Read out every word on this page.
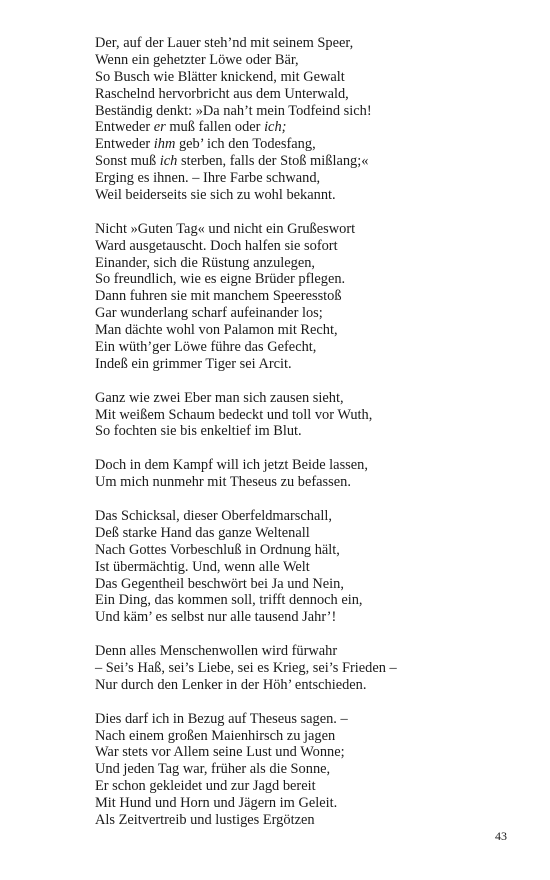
Der, auf der Lauer steh’nd mit seinem Speer,
Wenn ein gehetzter Löwe oder Bär,
So Busch wie Blätter knickend, mit Gewalt
Raschelnd hervorbricht aus dem Unterwald,
Beständig denkt: »Da nah’t mein Todfeind sich!
Entweder er muß fallen oder ich;
Entweder ihm geb’ ich den Todesfang,
Sonst muß ich sterben, falls der Stoß mißlang;«
Erging es ihnen. – Ihre Farbe schwand,
Weil beiderseits sie sich zu wohl bekannt.
Nicht »Guten Tag« und nicht ein Grußeswort
Ward ausgetauscht. Doch halfen sie sofort
Einander, sich die Rüstung anzulegen,
So freundlich, wie es eigne Brüder pflegen.
Dann fuhren sie mit manchem Speeresstoß
Gar wunderlang scharf aufeinander los;
Man dächte wohl von Palamon mit Recht,
Ein wüth’ger Löwe führe das Gefecht,
Indeß ein grimmer Tiger sei Arcit.
Ganz wie zwei Eber man sich zausen sieht,
Mit weißem Schaum bedeckt und toll vor Wuth,
So fochten sie bis enkeltief im Blut.
Doch in dem Kampf will ich jetzt Beide lassen,
Um mich nunmehr mit Theseus zu befassen.
Das Schicksal, dieser Oberfeldmarschall,
Deß starke Hand das ganze Weltenall
Nach Gottes Vorbeschluß in Ordnung hält,
Ist übermächtig. Und, wenn alle Welt
Das Gegentheil beschwört bei Ja und Nein,
Ein Ding, das kommen soll, trifft dennoch ein,
Und käm’ es selbst nur alle tausend Jahr’!
Denn alles Menschenwollen wird fürwahr
– Sei’s Haß, sei’s Liebe, sei es Krieg, sei’s Frieden –
Nur durch den Lenker in der Höh’ entschieden.
Dies darf ich in Bezug auf Theseus sagen. –
Nach einem großen Maienhirsch zu jagen
War stets vor Allem seine Lust und Wonne;
Und jeden Tag war, früher als die Sonne,
Er schon gekleidet und zur Jagd bereit
Mit Hund und Horn und Jägern im Geleit.
Als Zeitvertreib und lustiges Ergötzen
43
